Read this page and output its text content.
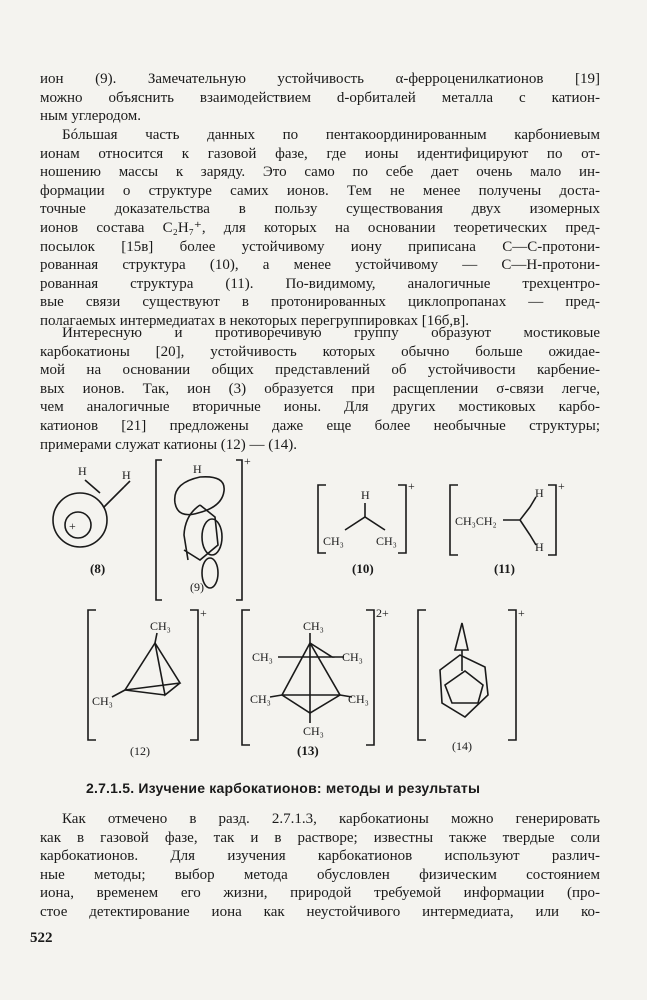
ион (9). Замечательную устойчивость α-ферроценилкатионов [19]
можно объяснить взаимодействием d-орбиталей металла с катион-
ным углеродом.
Бóльшая часть данных по пентакоординированным карбониевым
ионам относится к газовой фазе, где ионы идентифицируют по от-
ношению массы к заряду. Это само по себе дает очень мало ин-
формации о структуре самих ионов. Тем не менее получены доста-
точные доказательства в пользу существования двух изомерных
ионов состава C₂H₇⁺, для которых на основании теоретических пред-
посылок [15в] более устойчивому иону приписана C—C-протони-
рованная структура (10), а менее устойчивому — C—H-протони-
рованная структура (11). По-видимому, аналогичные трехцентро-
вые связи существуют в протонированных циклопропанах — пред-
полагаемых интермедиатах в некоторых перегруппировках [16б,в].
Интересную и противоречивую группу образуют мостиковые
карбокатионы [20], устойчивость которых обычно больше ожидае-
мой на основании общих представлений об устойчивости карбение-
вых ионов. Так, ион (3) образуется при расщеплении σ-связи легче,
чем аналогичные вторичные ионы. Для других мостиковых карбо-
катионов [21] предложены даже еще более необычные структуры;
примерами служат катионы (12) — (14).
H	H
+
(8)
H
+
(9)
H
CH₃	CH₃
+
(10)
CH₃CH₂
H
H
+
(11)
CH₃
CH₃
+
(12)
CH₃
CH₃	CH₃
CH₃	CH₃
CH₃
2+
(13)
+
(14)
2.7.1.5. Изучение карбокатионов: методы и результаты
Как отмечено в разд. 2.7.1.3, карбокатионы можно генерировать
как в газовой фазе, так и в растворе; известны также твердые соли
карбокатионов. Для изучения карбокатионов используют различ-
ные методы; выбор метода обусловлен физическим состоянием
иона, временем его жизни, природой требуемой информации (про-
стое детектирование иона как неустойчивого интермедиата, или ко-
522
